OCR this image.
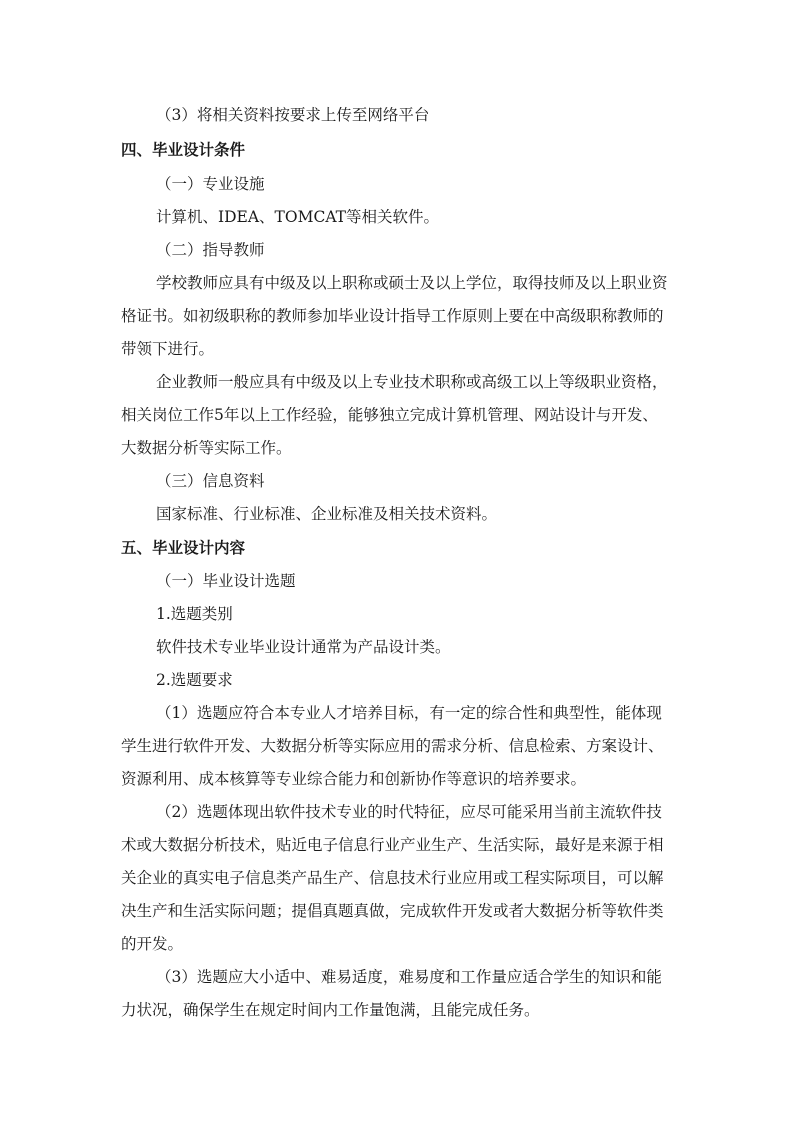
（3）将相关资料按要求上传至网络平台
四、毕业设计条件
（一）专业设施
计算机、IDEA、TOMCAT等相关软件。
（二）指导教师
学校教师应具有中级及以上职称或硕士及以上学位，取得技师及以上职业资
格证书。如初级职称的教师参加毕业设计指导工作原则上要在中高级职称教师的
带领下进行。
企业教师一般应具有中级及以上专业技术职称或高级工以上等级职业资格，
相关岗位工作5年以上工作经验，能够独立完成计算机管理、网站设计与开发、
大数据分析等实际工作。
（三）信息资料
国家标准、行业标准、企业标准及相关技术资料。
五、毕业设计内容
（一）毕业设计选题
1.选题类别
软件技术专业毕业设计通常为产品设计类。
2.选题要求
（1）选题应符合本专业人才培养目标，有一定的综合性和典型性，能体现
学生进行软件开发、大数据分析等实际应用的需求分析、信息检索、方案设计、
资源利用、成本核算等专业综合能力和创新协作等意识的培养要求。
（2）选题体现出软件技术专业的时代特征，应尽可能采用当前主流软件技
术或大数据分析技术，贴近电子信息行业产业生产、生活实际，最好是来源于相
关企业的真实电子信息类产品生产、信息技术行业应用或工程实际项目，可以解
决生产和生活实际问题；提倡真题真做，完成软件开发或者大数据分析等软件类
的开发。
（3）选题应大小适中、难易适度，难易度和工作量应适合学生的知识和能
力状况，确保学生在规定时间内工作量饱满，且能完成任务。
